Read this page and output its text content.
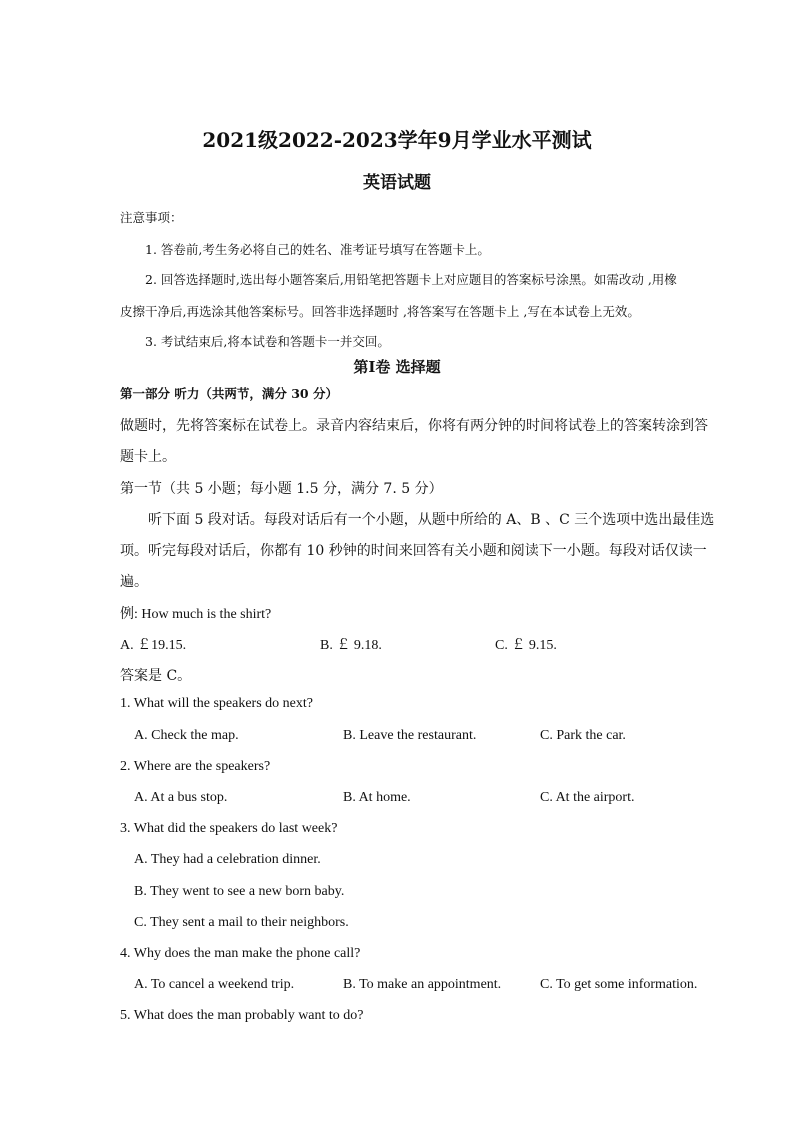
2021级2022-2023学年9月学业水平测试
英语试题
注意事项：
1. 答卷前,考生务必将自己的姓名、准考证号填写在答题卡上。
2. 回答选择题时,选出每小题答案后,用铅笔把答题卡上对应题目的答案标号涂黑。如需改动 ,用橡
皮擦干净后,再选涂其他答案标号。回答非选择题时 ,将答案写在答题卡上 ,写在本试卷上无效。
3. 考试结束后,将本试卷和答题卡一并交回。
第Ⅰ卷 选择题
第一部分 听力（共两节，满分 30 分）
做题时，先将答案标在试卷上。录音内容结束后，你将有两分钟的时间将试卷上的答案转涂到答
题卡上。
第一节（共 5 小题；每小题 1.5 分，满分 7. 5 分）
听下面 5 段对话。每段对话后有一个小题，从题中所给的 A、B 、C 三个选项中选出最佳选
项。听完每段对话后，你都有 10 秒钟的时间来回答有关小题和阅读下一小题。每段对话仅读一
遍。
例: How much is the shirt?
A. ￡19.15.	B. ￡ 9.18.	C. ￡ 9.15.
答案是 C。
1. What will the speakers do next?
A. Check the map.	B. Leave the restaurant.	C. Park the car.
2. Where are the speakers?
A. At a bus stop.	B. At home.	C. At the airport.
3. What did the speakers do last week?
A. They had a celebration dinner.
B. They went to see a new born baby.
C. They sent a mail to their neighbors.
4. Why does the man make the phone call?
A. To cancel a weekend trip.	B. To make an appointment.	C. To get some information.
5. What does the man probably want to do?
